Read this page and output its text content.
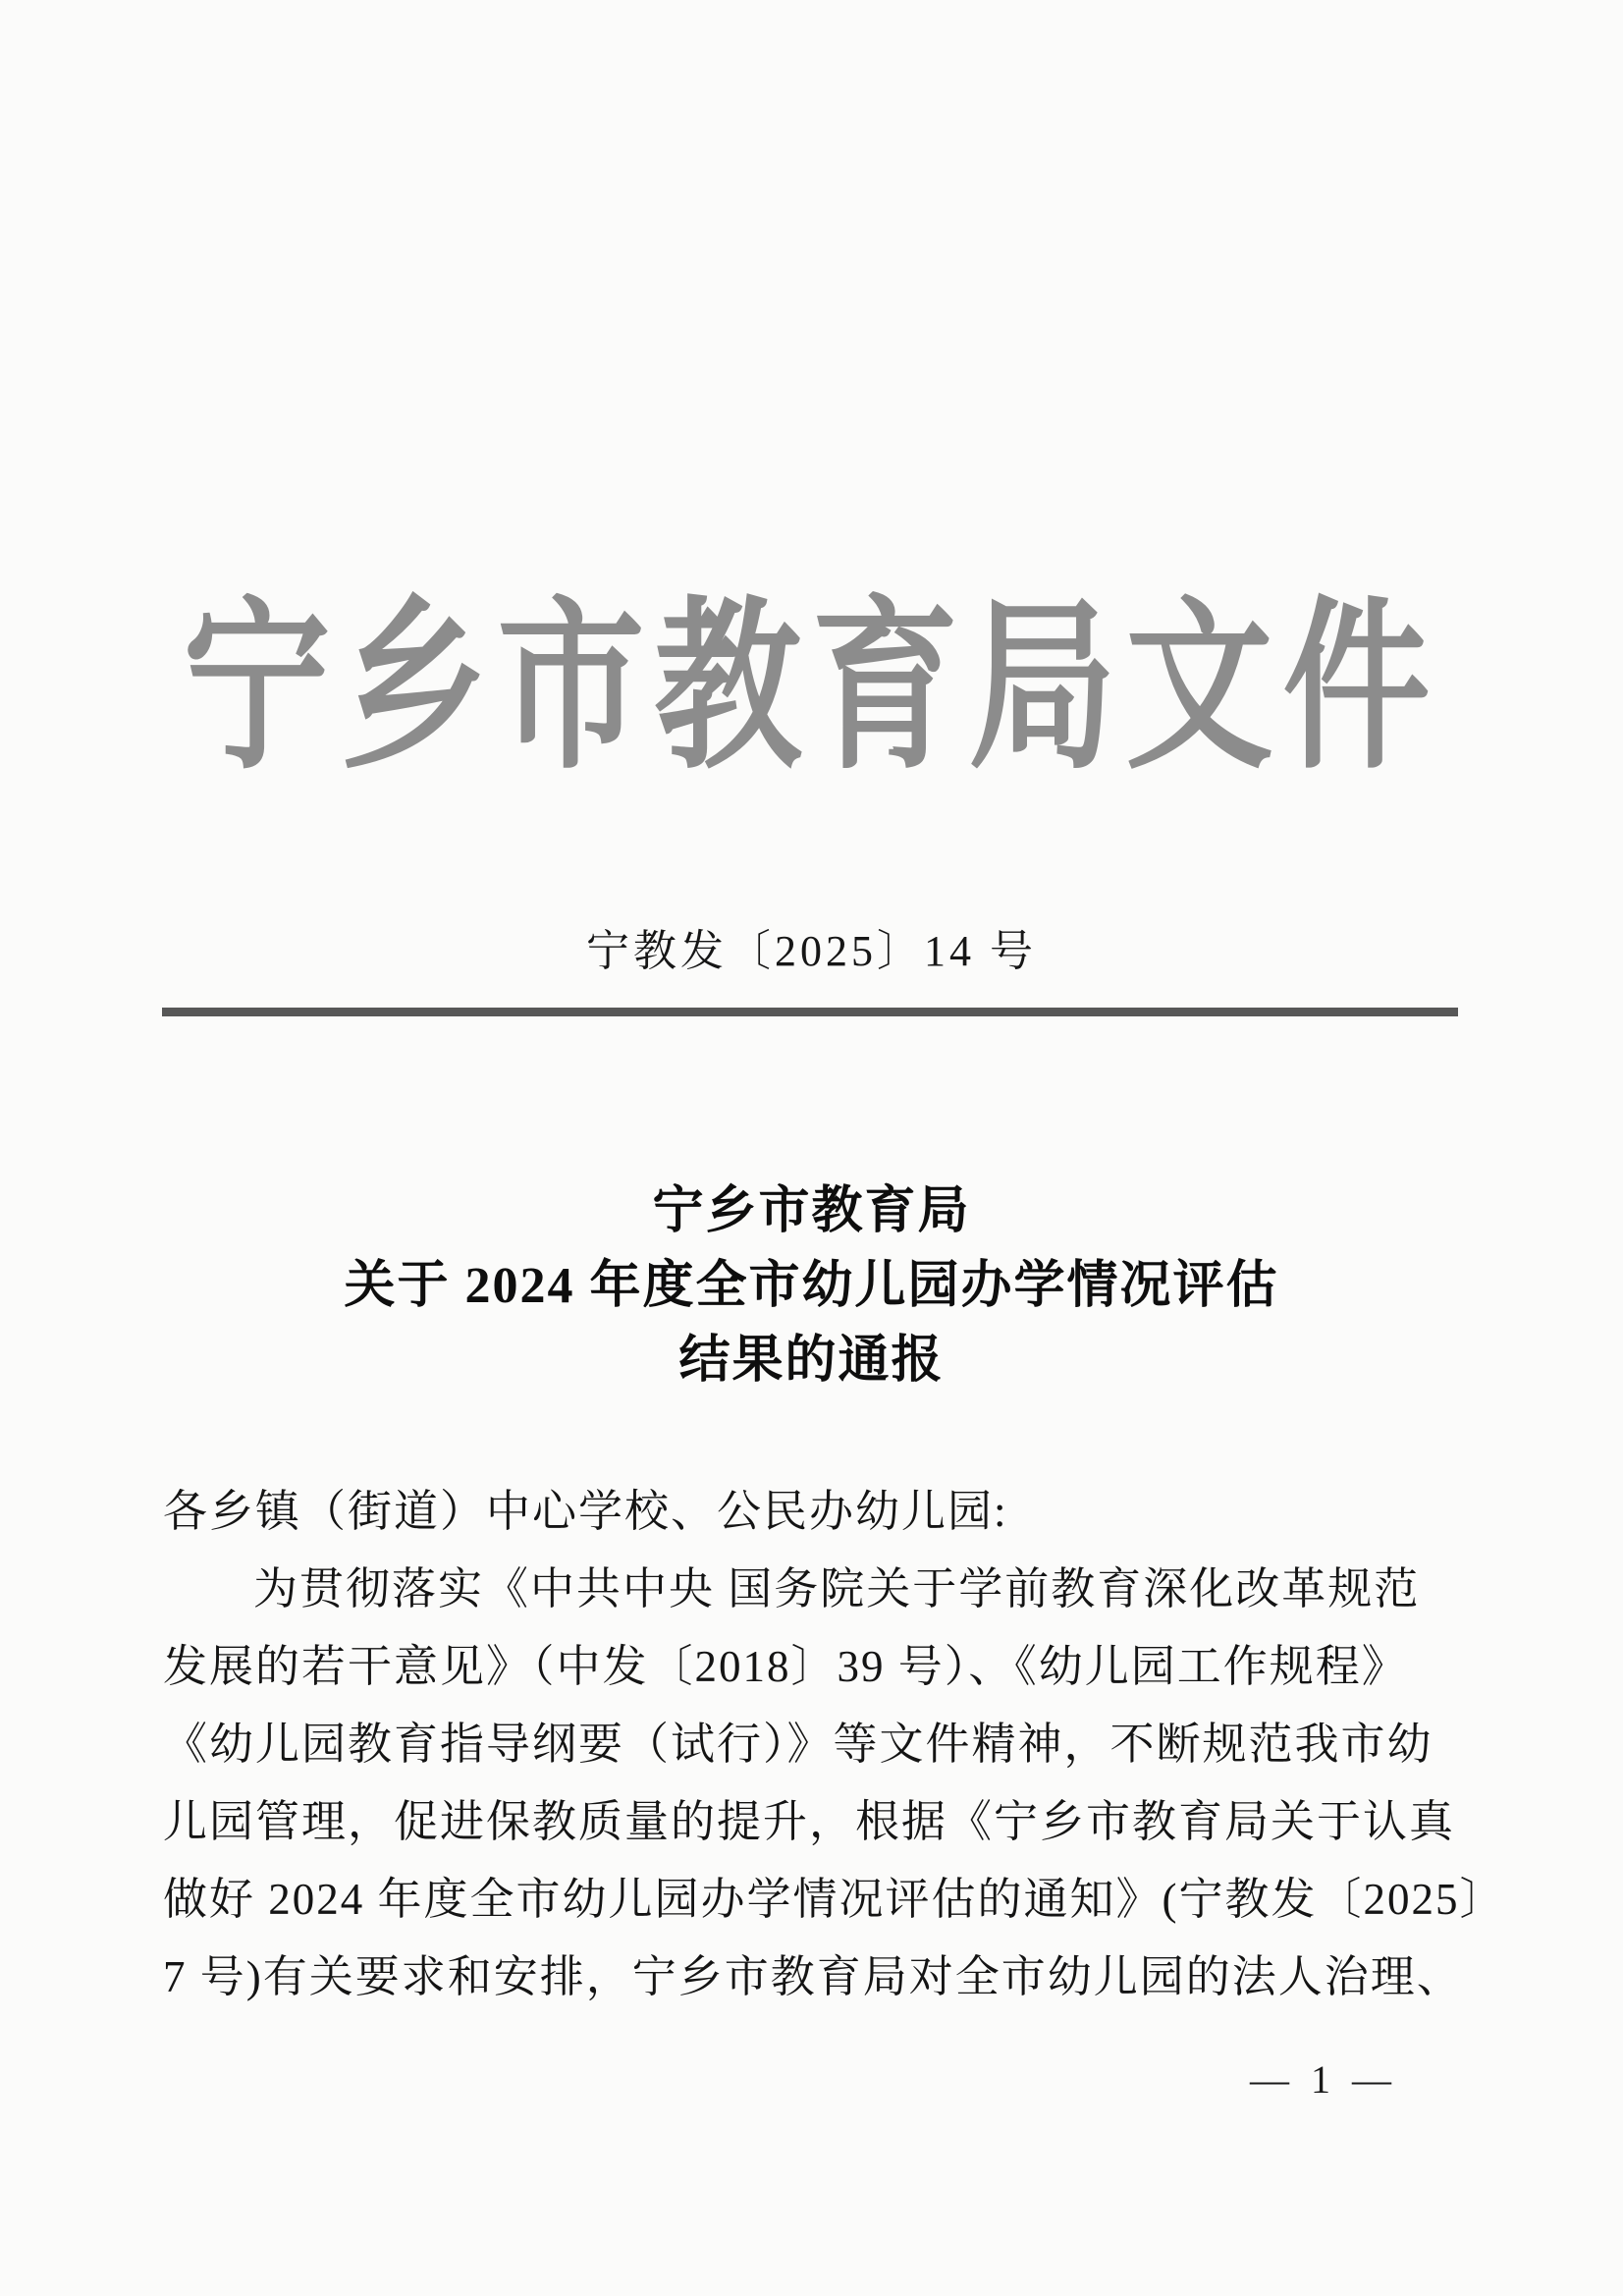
宁乡市教育局文件
宁教发〔2025〕14 号
宁乡市教育局
关于 2024 年度全市幼儿园办学情况评估
结果的通报
各乡镇（街道）中心学校、公民办幼儿园:
为贯彻落实《中共中央 国务院关于学前教育深化改革规范
发展的若干意见》（中发〔2018〕39 号）、《幼儿园工作规程》
《幼儿园教育指导纲要（试行）》等文件精神，不断规范我市幼
儿园管理，促进保教质量的提升，根据《宁乡市教育局关于认真
做好 2024 年度全市幼儿园办学情况评估的通知》(宁教发〔2025〕
7 号)有关要求和安排，宁乡市教育局对全市幼儿园的法人治理、
— 1 —
